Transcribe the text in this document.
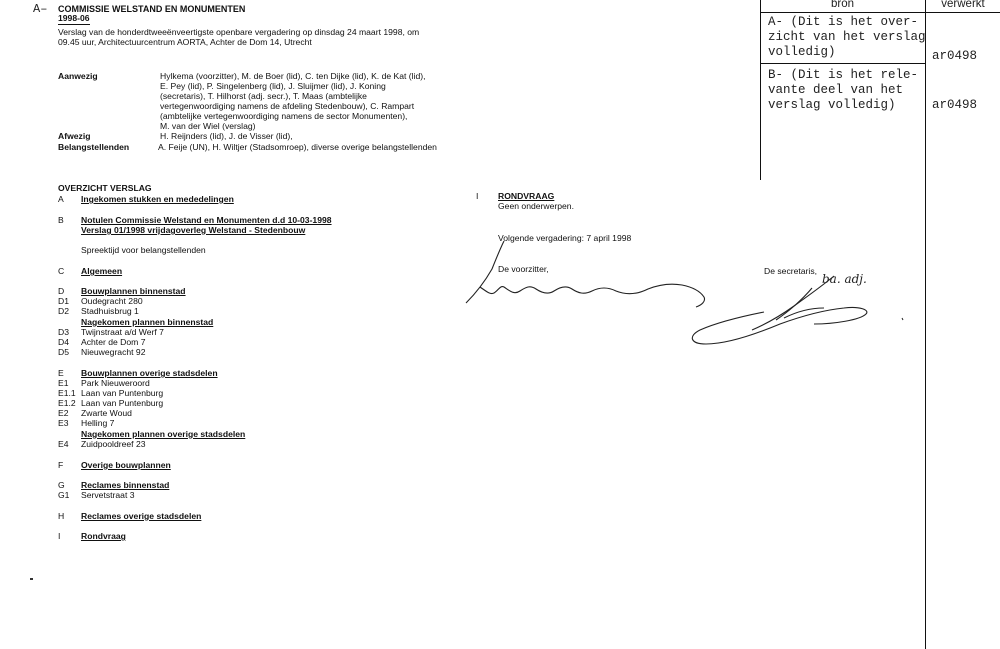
A– COMMISSIE WELSTAND EN MONUMENTEN
1998-06
Verslag van de honderdtweeënveertigste openbare vergadering op dinsdag 24 maart 1998, om
09.45 uur, Architectuurcentrum AORTA, Achter de Dom 14, Utrecht
Aanwezig	Hylkema (voorzitter), M. de Boer (lid), C. ten Dijke (lid), K. de Kat (lid),
E. Pey (lid), P. Singelenberg (lid), J. Sluijmer (lid), J. Koning
(secretaris), T. Hilhorst (adj. secr.), T. Maas (ambtelijke
vertegenwoordiging namens de afdeling Stedenbouw), C. Rampart
(ambtelijke vertegenwoordiging namens de sector Monumenten),
M. van der Wiel (verslag)
Afwezig	H. Reijnders (lid), J. de Visser (lid),
Belangstellenden	A. Feije (UN), H. Wiltjer (Stadsomroep), diverse overige belangstellenden
OVERZICHT VERSLAG
A	Ingekomen stukken en mededelingen
B	Notulen Commissie Welstand en Monumenten d.d 10-03-1998
Verslag 01/1998 vrijdagoverleg Welstand - Stedenbouw
Spreektijd voor belangstellenden
C	Algemeen
D	Bouwplannen binnenstad
D1	Oudegracht 280
D2	Stadhuisbrug 1
Nagekomen plannen binnenstad
D3	Twijnstraat a/d Werf 7
D4	Achter de Dom 7
D5	Nieuwegracht 92
E	Bouwplannen overige stadsdelen
E1	Park Nieuweroord
E1.1 Laan van Puntenburg
E1.2 Laan van Puntenburg
E2	Zwarte Woud
E3	Helling 7
Nagekomen plannen overige stadsdelen
E4	Zuidpooldreef 23
F	Overige bouwplannen
G	Reclames binnenstad
G1	Servetstraat 3
H	Reclames overige stadsdelen
I	Rondvraag
I RONDVRAAG
Geen onderwerpen.
Volgende vergadering: 7 april 1998
De voorzitter,	De secretaris,
ba. adj.
bron	verwerkt
A- (Dit is het over-
zicht van het verslag
volledig)	ar0498
B- (Dit is het rele-
vante deel van het
verslag volledig)	ar0498
